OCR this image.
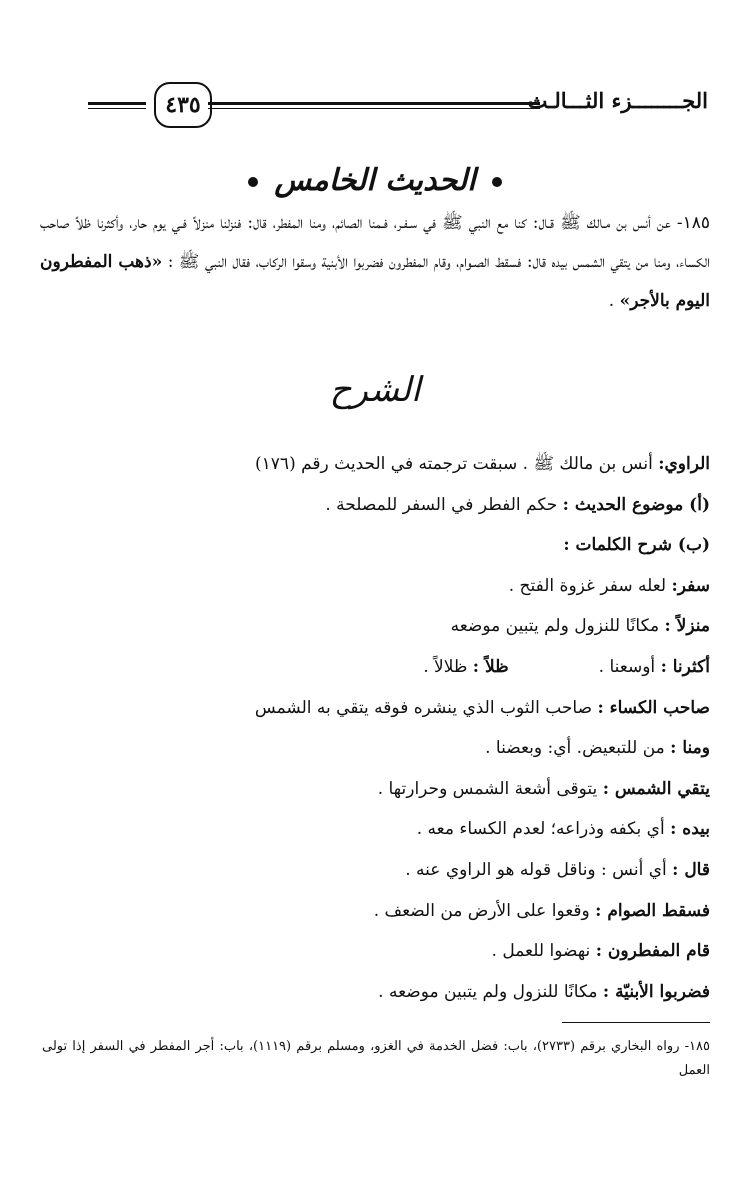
الجــــــــزء الثـــالـث
٤٣٥
الحديث الخامس
١٨٥- عن أنس بن مـالك ﷺ قـال: كنا مع النبي ﷺ في سـفـر، فـمنا الصائم، ومنا المفطر، قال: فنزلنا منزلاً فـي يوم حار، وأكثرنا ظلاً صاحب الكساء، ومنا من يتقي الشمس بيده قال: فسقط الصـوام، وقام المفطرون فضربوا الأبنية وسقوا الركاب، فقال النبي ﷺ : «ذهب المفطرون اليوم بالأجر» .
الشرح
الراوي: أنس بن مالك ﷺ . سبقت ترجمته في الحديث رقم (١٧٦)
(أ) موضوع الحديث : حكم الفطر في السفر للمصلحة .
(ب) شرح الكلمات :
سفر: لعله سفر غزوة الفتح .
منزلاً : مكانًا للنزول ولم يتبين موضعه
أكثرنا : أوسعنا .ظلاً : ظلالاً .
صاحب الكساء : صاحب الثوب الذي ينشره فوقه يتقي به الشمس
ومنا : من للتبعيض. أي: وبعضنا .
يتقي الشمس : يتوقى أشعة الشمس وحرارتها .
بيده : أي بكفه وذراعه؛ لعدم الكساء معه .
قال : أي أنس : وناقل قوله هو الراوي عنه .
فسقط الصوام : وقعوا على الأرض من الضعف .
قام المفطرون : نهضوا للعمل .
فضربوا الأبنيّة : مكانًا للنزول ولم يتبين موضعه .
١٨٥- رواه البخاري برقم (٢٧٣٣)، باب: فضل الخدمة في الغزو، ومسلم برقم (١١١٩)، باب: أجر المفطر في السفر إذا تولى العمل
